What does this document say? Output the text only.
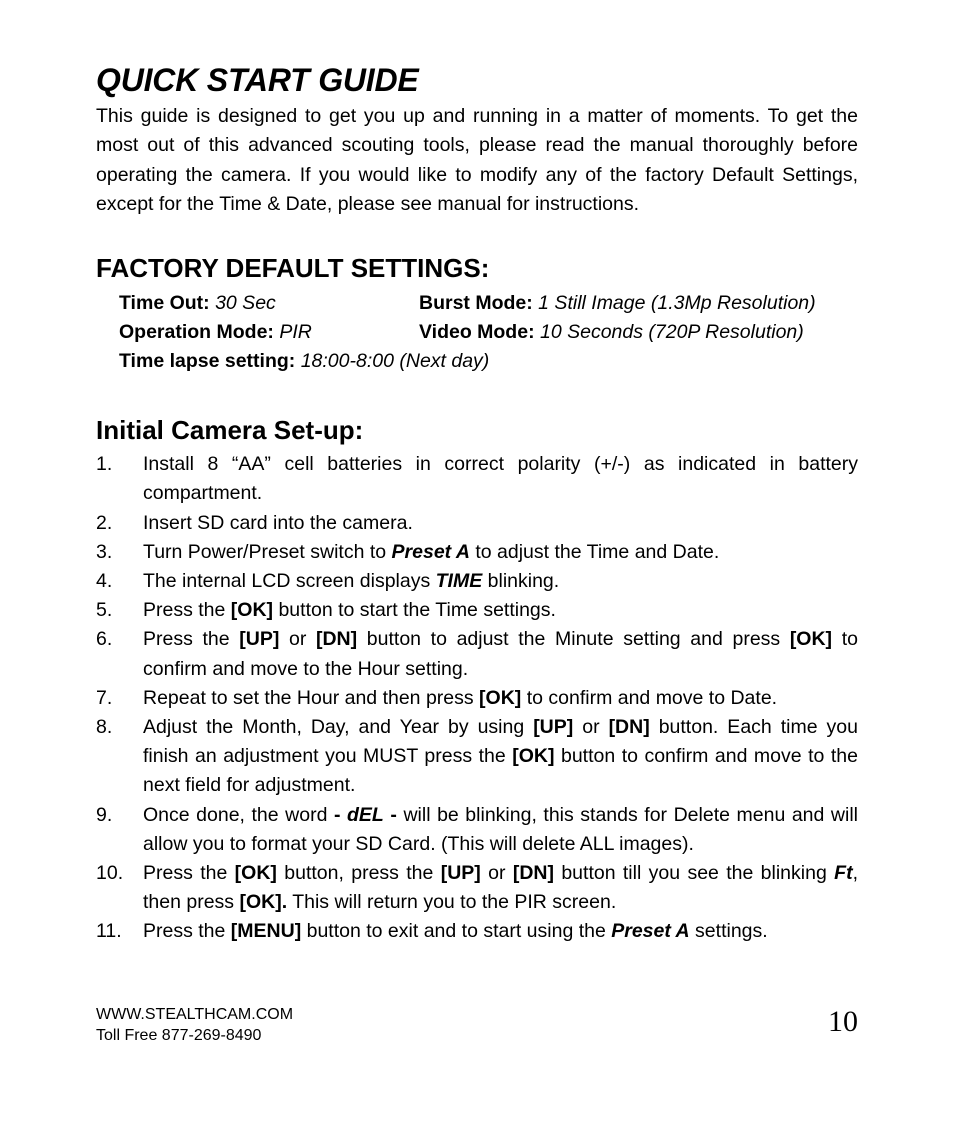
QUICK START GUIDE

This guide is designed to get you up and running in a matter of moments. To get the most out of this advanced scouting tools, please read the manual thoroughly before operating the camera. If you would like to modify any of the factory Default Settings, except for the Time & Date, please see manual for instructions.

FACTORY DEFAULT SETTINGS:
Time Out: 30 Sec	Burst Mode: 1 Still Image (1.3Mp Resolution)
Operation Mode: PIR	Video Mode: 10 Seconds (720P Resolution)
Time lapse setting: 18:00-8:00 (Next day)
Initial Camera Set-up:
1.	Install 8 “AA” cell batteries in correct polarity (+/-) as indicated in battery compartment.
2.	Insert SD card into the camera.
3.	Turn Power/Preset switch to Preset A to adjust the Time and Date.
4.	The internal LCD screen displays TIME blinking.
5.	Press the [OK] button to start the Time settings.
6.	Press the [UP] or [DN] button to adjust the Minute setting and press [OK] to confirm and move to the Hour setting.
7.	Repeat to set the Hour and then press [OK] to confirm and move to Date.
8.	Adjust the Month, Day, and Year by using [UP] or [DN] button. Each time you finish an adjustment you MUST press the [OK] button to confirm and move to the next field for adjustment.
9.	Once done, the word - dEL - will be blinking, this stands for Delete menu and will allow you to format your SD Card. (This will delete ALL images).
10.	Press the [OK] button, press the [UP] or [DN] button till you see the blinking Ft, then press [OK]. This will return you to the PIR screen.
11.	Press the [MENU] button to exit and to start using the Preset A settings.
WWW.STEALTHCAM.COM
Toll Free 877-269-8490	10
